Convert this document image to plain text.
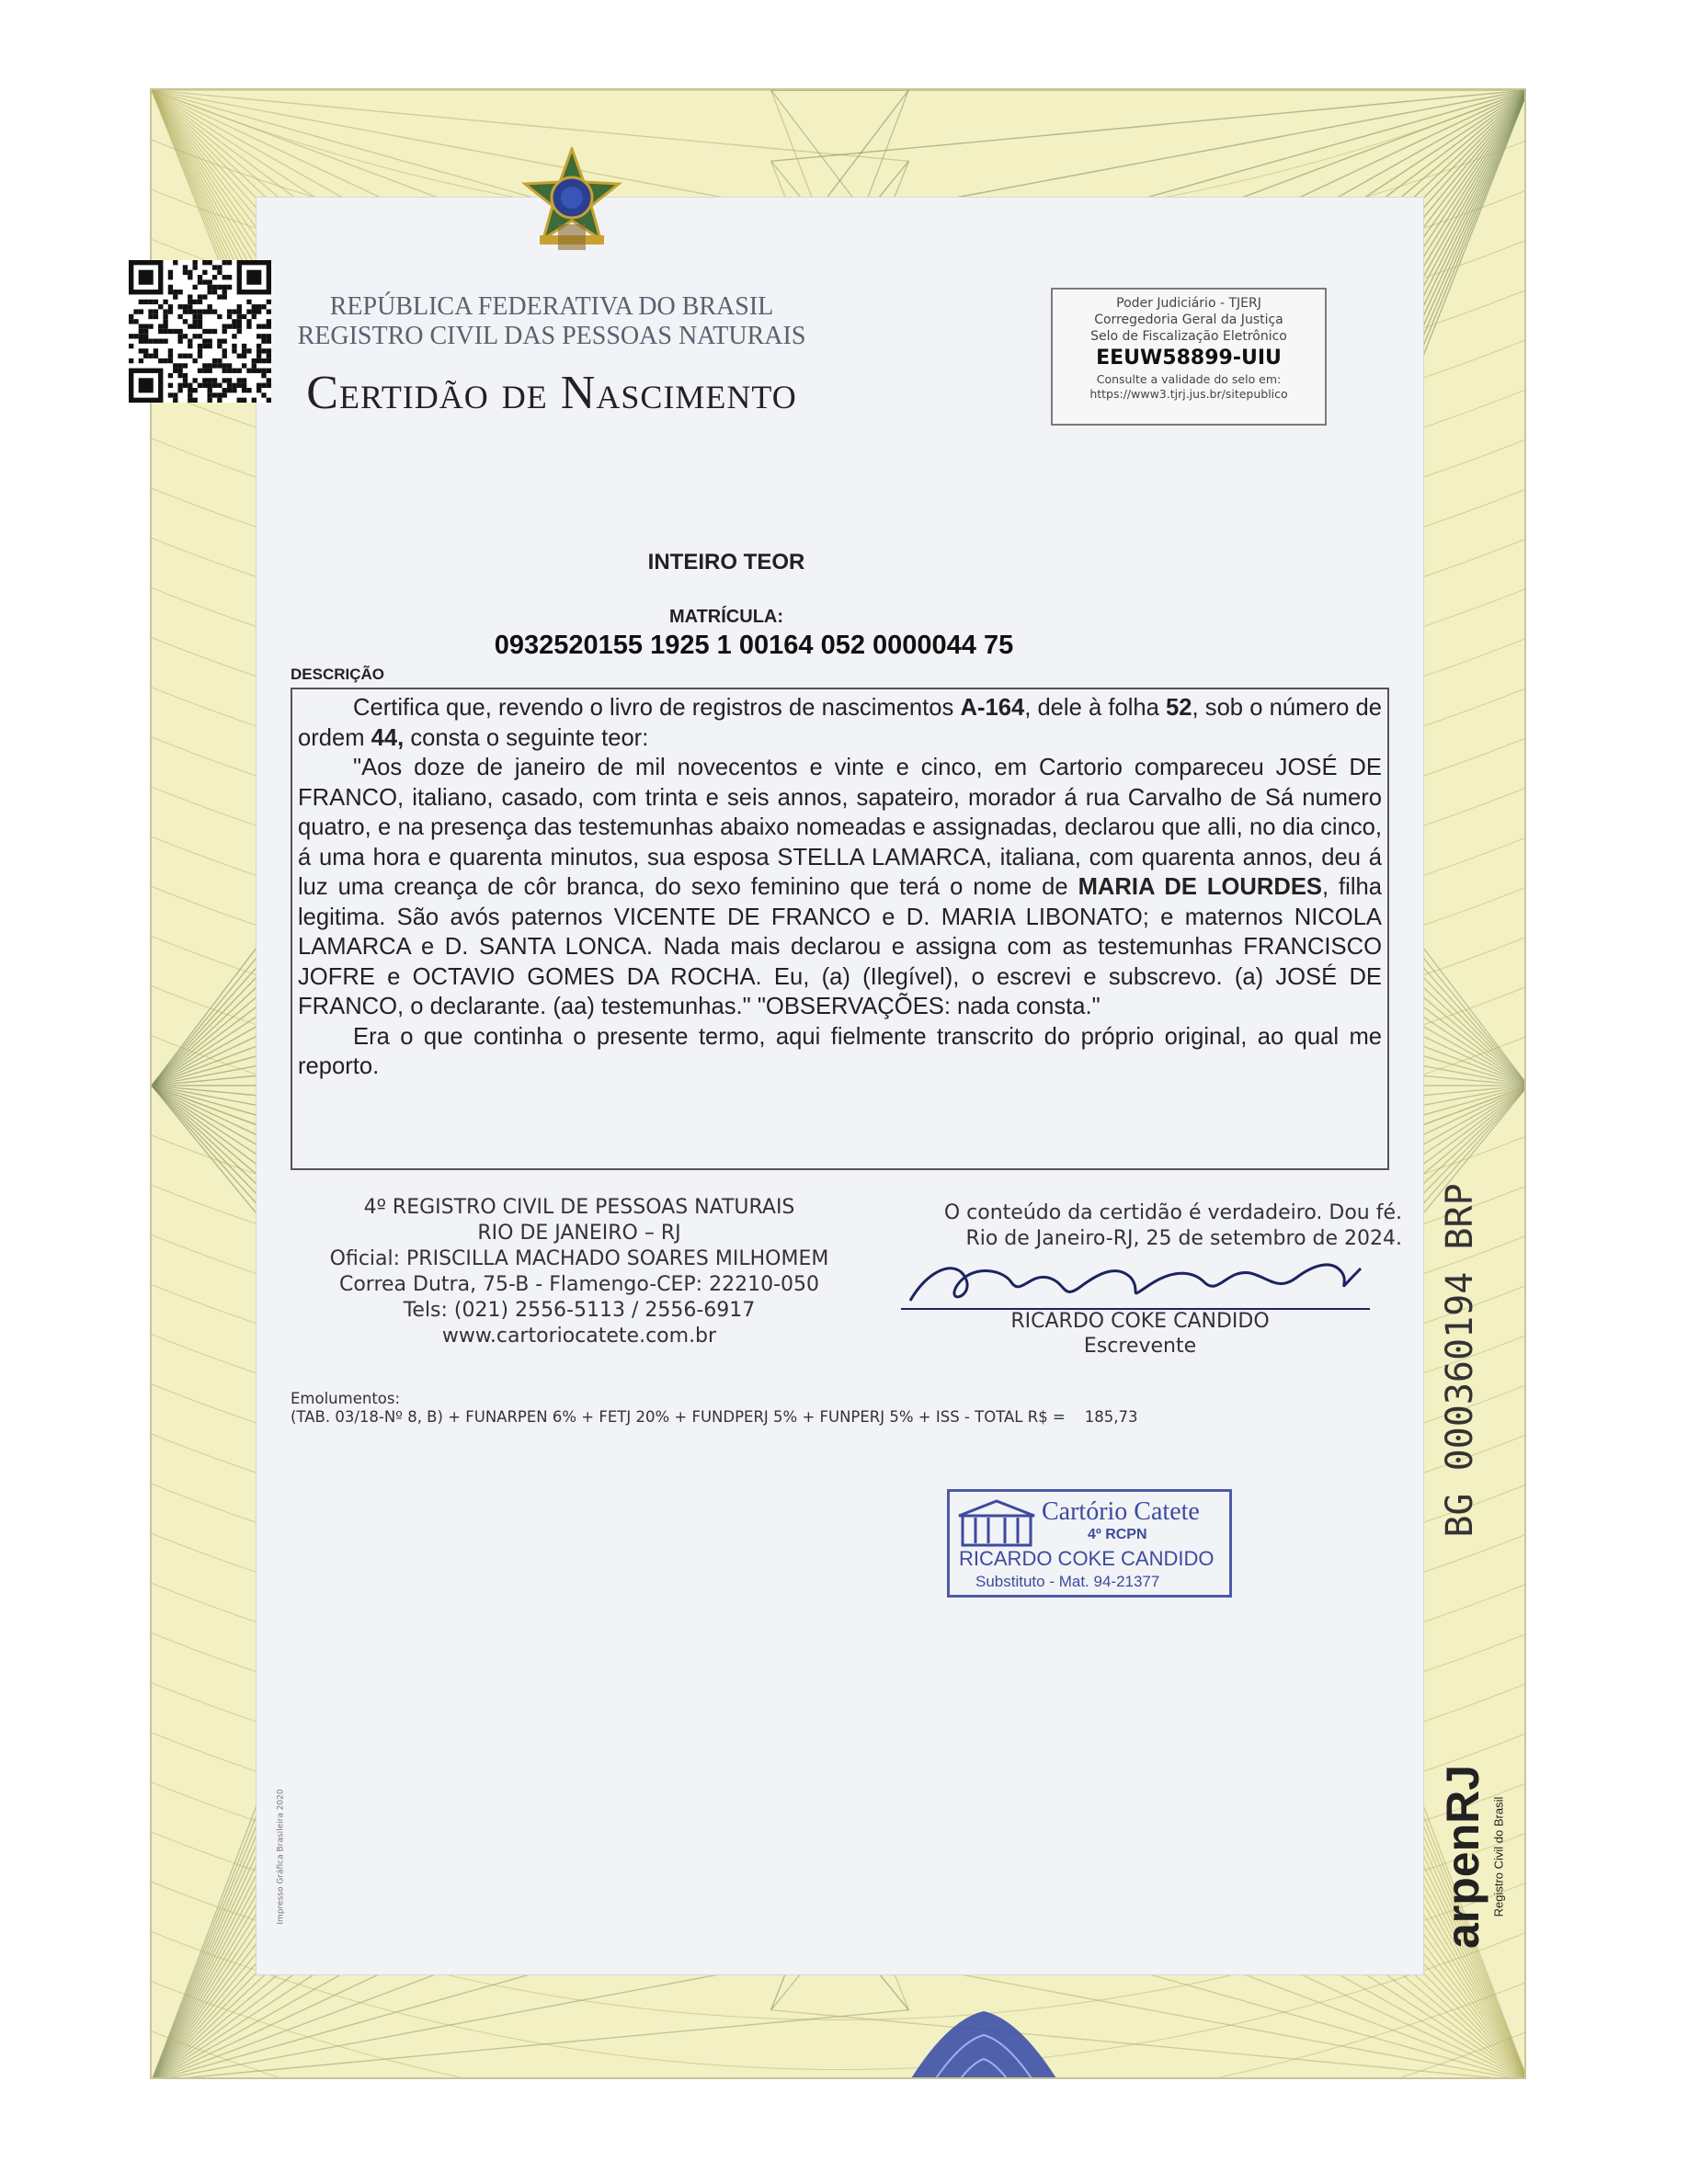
REPÚBLICA FEDERATIVA DO BRASIL
REGISTRO CIVIL DAS PESSOAS NATURAIS
Certidão de Nascimento
Poder Judiciário - TJERJ
Corregedoria Geral da Justiça
Selo de Fiscalização Eletrônico
EEUW58899-UIU
Consulte a validade do selo em:
https://www3.tjrj.jus.br/sitepublico
INTEIRO TEOR
MATRÍCULA:
0932520155 1925 1 00164 052 0000044 75
DESCRIÇÃO

Certifica que, revendo o livro de registros de nascimentos A-164, dele à folha 52, sob o número de ordem 44, consta o seguinte teor:

"Aos doze de janeiro de mil novecentos e vinte e cinco, em Cartorio compareceu JOSÉ DE FRANCO, italiano, casado, com trinta e seis annos, sapateiro, morador á rua Carvalho de Sá numero quatro, e na presença das testemunhas abaixo nomeadas e assignadas, declarou que alli, no dia cinco, á uma hora e quarenta minutos, sua esposa STELLA LAMARCA, italiana, com quarenta annos, deu á luz uma creança de côr branca, do sexo feminino que terá o nome de MARIA DE LOURDES, filha legitima. São avós paternos VICENTE DE FRANCO e D. MARIA LIBONATO; e maternos NICOLA LAMARCA e D. SANTA LONCA. Nada mais declarou e assigna com as testemunhas FRANCISCO JOFRE e OCTAVIO GOMES DA ROCHA. Eu, (a) (Ilegível), o escrevi e subscrevo. (a) JOSÉ DE FRANCO, o declarante. (aa) testemunhas." "OBSERVAÇÕES: nada consta."

Era o que continha o presente termo, aqui fielmente transcrito do próprio original, ao qual me reporto.

4º REGISTRO CIVIL DE PESSOAS NATURAIS
RIO DE JANEIRO – RJ
Oficial: PRISCILLA MACHADO SOARES MILHOMEM
Correa Dutra, 75-B - Flamengo-CEP: 22210-050
Tels: (021) 2556-5113 / 2556-6917
www.cartoriocatete.com.br
O conteúdo da certidão é verdadeiro. Dou fé.
Rio de Janeiro-RJ, 25 de setembro de 2024.
RICARDO COKE CANDIDO
Escrevente
Emolumentos:
(TAB. 03/18-Nº 8, B) + FUNARPEN 6% + FETJ 20% + FUNDPERJ 5% + FUNPERJ 5% + ISS - TOTAL R$ = 185,73
Cartório Catete
4º RCPN
RICARDO COKE CANDIDO
Substituto - Mat. 94-21377
BG 000360194 BRP
arpenRJ Registro Civil do Brasil
Impresso Gráfica Brasileira 2020
